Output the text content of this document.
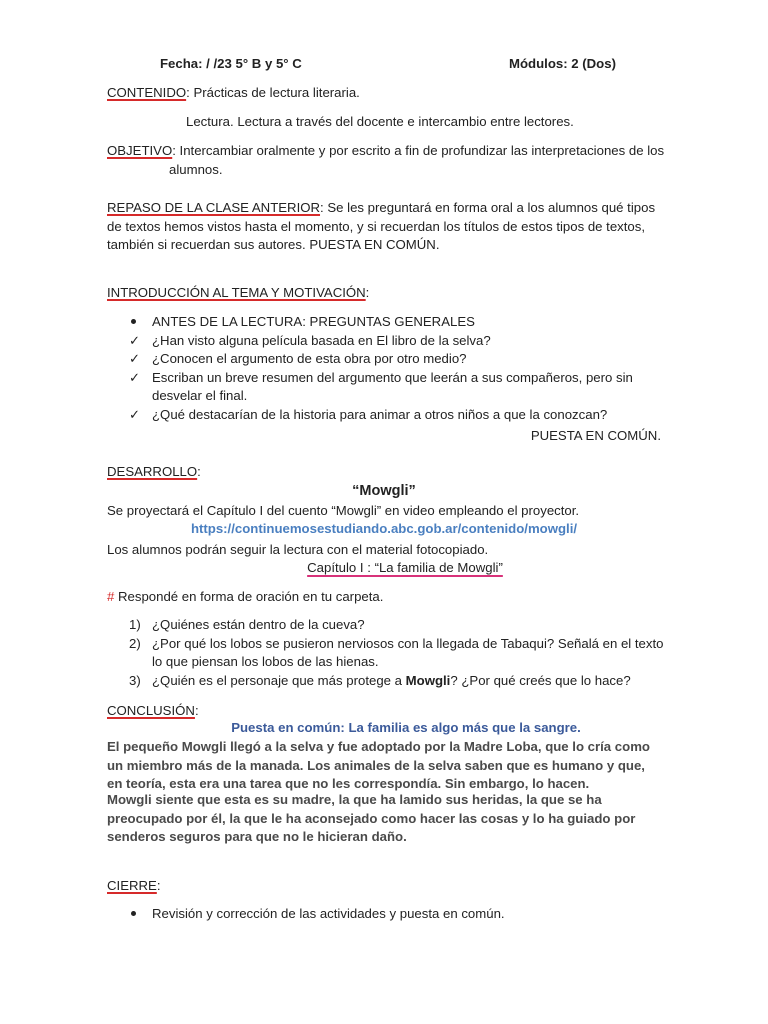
Fecha: / /23 5° B y 5° C	Módulos: 2 (Dos)
CONTENIDO: Prácticas de lectura literaria.
Lectura. Lectura a través del docente e intercambio entre lectores.
OBJETIVO: Intercambiar oralmente y por escrito a fin de profundizar las interpretaciones de los
alumnos.
REPASO DE LA CLASE ANTERIOR: Se les preguntará en forma oral a los alumnos qué tipos de textos hemos vistos hasta el momento, y si recuerdan los títulos de estos tipos de textos, también si recuerdan sus autores. PUESTA EN COMÚN.
INTRODUCCIÓN AL TEMA Y MOTIVACIÓN:
ANTES DE LA LECTURA: PREGUNTAS GENERALES
✓ ¿Han visto alguna película basada en El libro de la selva?
✓ ¿Conocen el argumento de esta obra por otro medio?
✓ Escriban un breve resumen del argumento que leerán a sus compañeros, pero sin desvelar el final.
✓ ¿Qué destacarían de la historia para animar a otros niños a que la conozcan?
PUESTA EN COMÚN.
DESARROLLO:
“Mowgli”
Se proyectará el Capítulo I del cuento “Mowgli” en video empleando el proyector.
https://continuemosestudiando.abc.gob.ar/contenido/mowgli/
Los alumnos podrán seguir la lectura con el material fotocopiado.
Capítulo I : “La familia de Mowgli”
# Respondé en forma de oración en tu carpeta.
1) ¿Quiénes están dentro de la cueva?
2) ¿Por qué los lobos se pusieron nerviosos con la llegada de Tabaqui? Señalá en el texto lo que piensan los lobos de las hienas.
3) ¿Quién es el personaje que más protege a Mowgli? ¿Por qué creés que lo hace?
CONCLUSIÓN:
Puesta en común: La familia es algo más que la sangre.
El pequeño Mowgli llegó a la selva y fue adoptado por la Madre Loba, que lo cría como un miembro más de la manada. Los animales de la selva saben que es humano y que, en teoría, esta era una tarea que no les correspondía. Sin embargo, lo hacen.
Mowgli siente que esta es su madre, la que ha lamido sus heridas, la que se ha preocupado por él, la que le ha aconsejado como hacer las cosas y lo ha guiado por senderos seguros para que no le hicieran daño.
CIERRE:
Revisión y corrección de las actividades y puesta en común.
